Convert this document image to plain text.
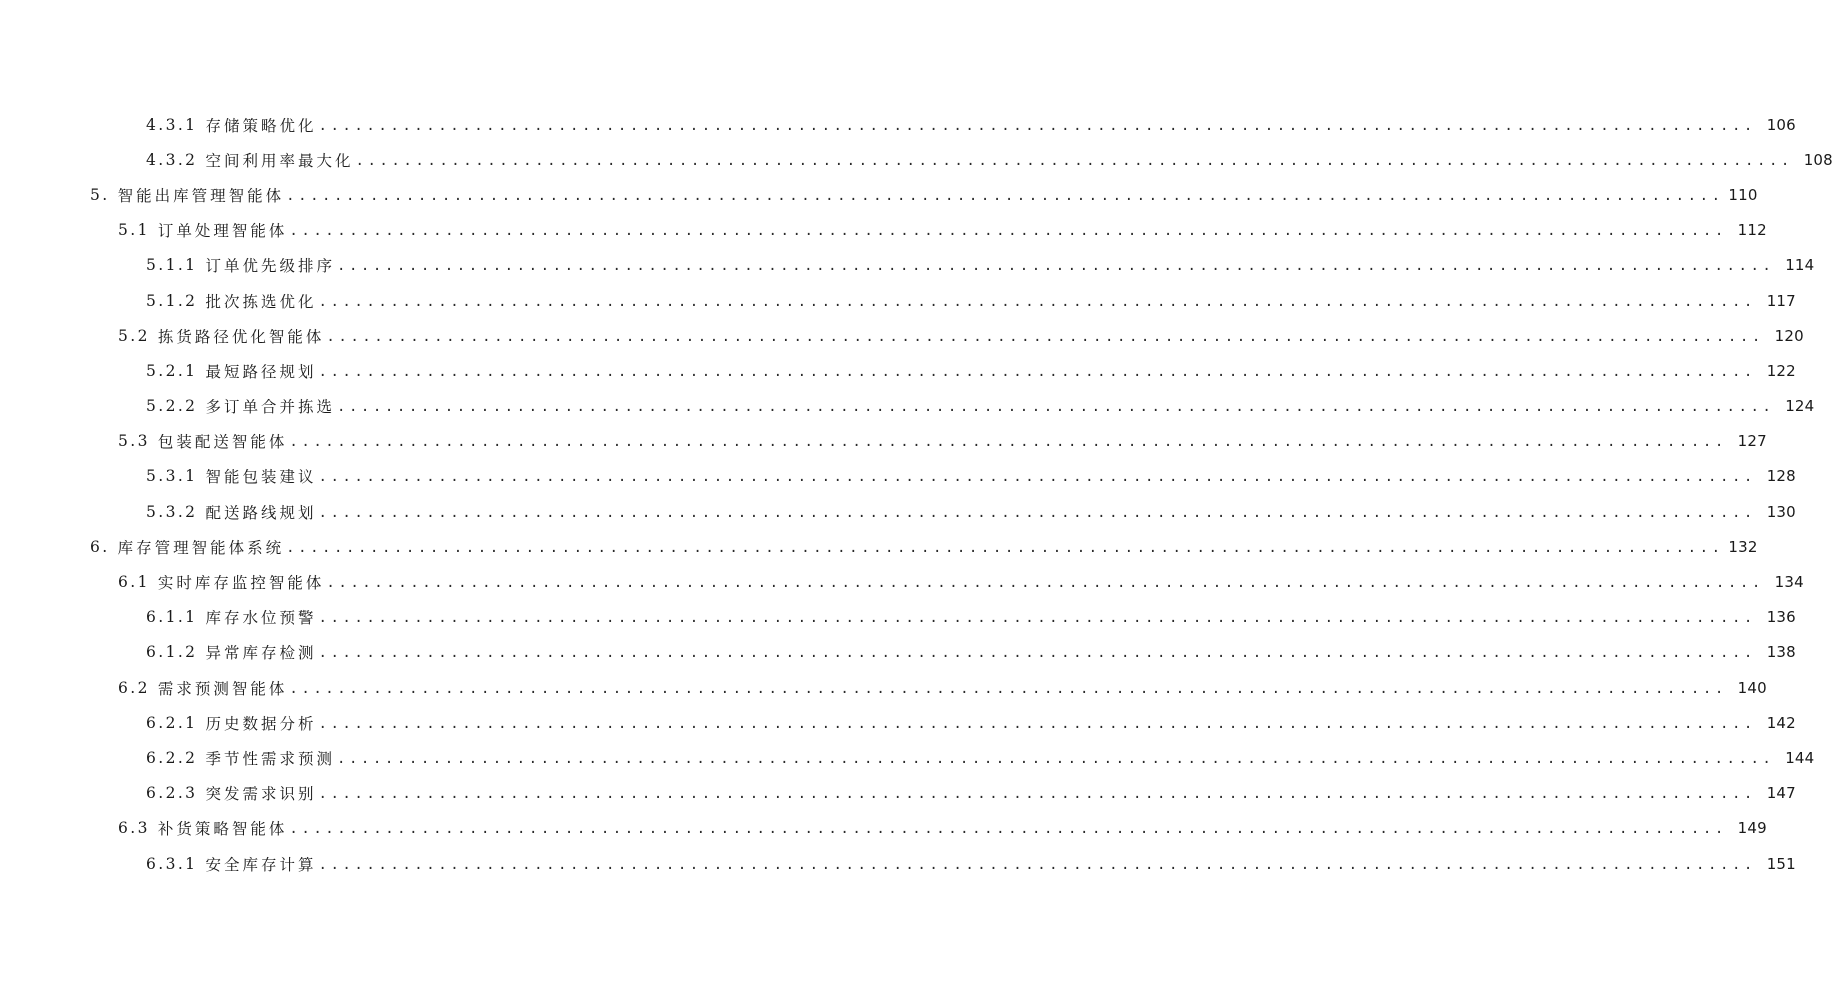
4.3.1 存储策略优化 ........................................................................................................................ 106
4.3.2 空间利用率最大化 ........................................................................................................................ 108
5. 智能出库管理智能体 ........................................................................................................................ 110
5.1 订单处理智能体 ........................................................................................................................ 112
5.1.1 订单优先级排序 ........................................................................................................................ 114
5.1.2 批次拣选优化 ........................................................................................................................ 117
5.2 拣货路径优化智能体 ........................................................................................................................ 120
5.2.1 最短路径规划 ........................................................................................................................ 122
5.2.2 多订单合并拣选 ........................................................................................................................ 124
5.3 包装配送智能体 ........................................................................................................................ 127
5.3.1 智能包装建议 ........................................................................................................................ 128
5.3.2 配送路线规划 ........................................................................................................................ 130
6. 库存管理智能体系统 ........................................................................................................................ 132
6.1 实时库存监控智能体 ........................................................................................................................ 134
6.1.1 库存水位预警 ........................................................................................................................ 136
6.1.2 异常库存检测 ........................................................................................................................ 138
6.2 需求预测智能体 ........................................................................................................................ 140
6.2.1 历史数据分析 ........................................................................................................................ 142
6.2.2 季节性需求预测 ........................................................................................................................ 144
6.2.3 突发需求识别 ........................................................................................................................ 147
6.3 补货策略智能体 ........................................................................................................................ 149
6.3.1 安全库存计算 ........................................................................................................................ 151
